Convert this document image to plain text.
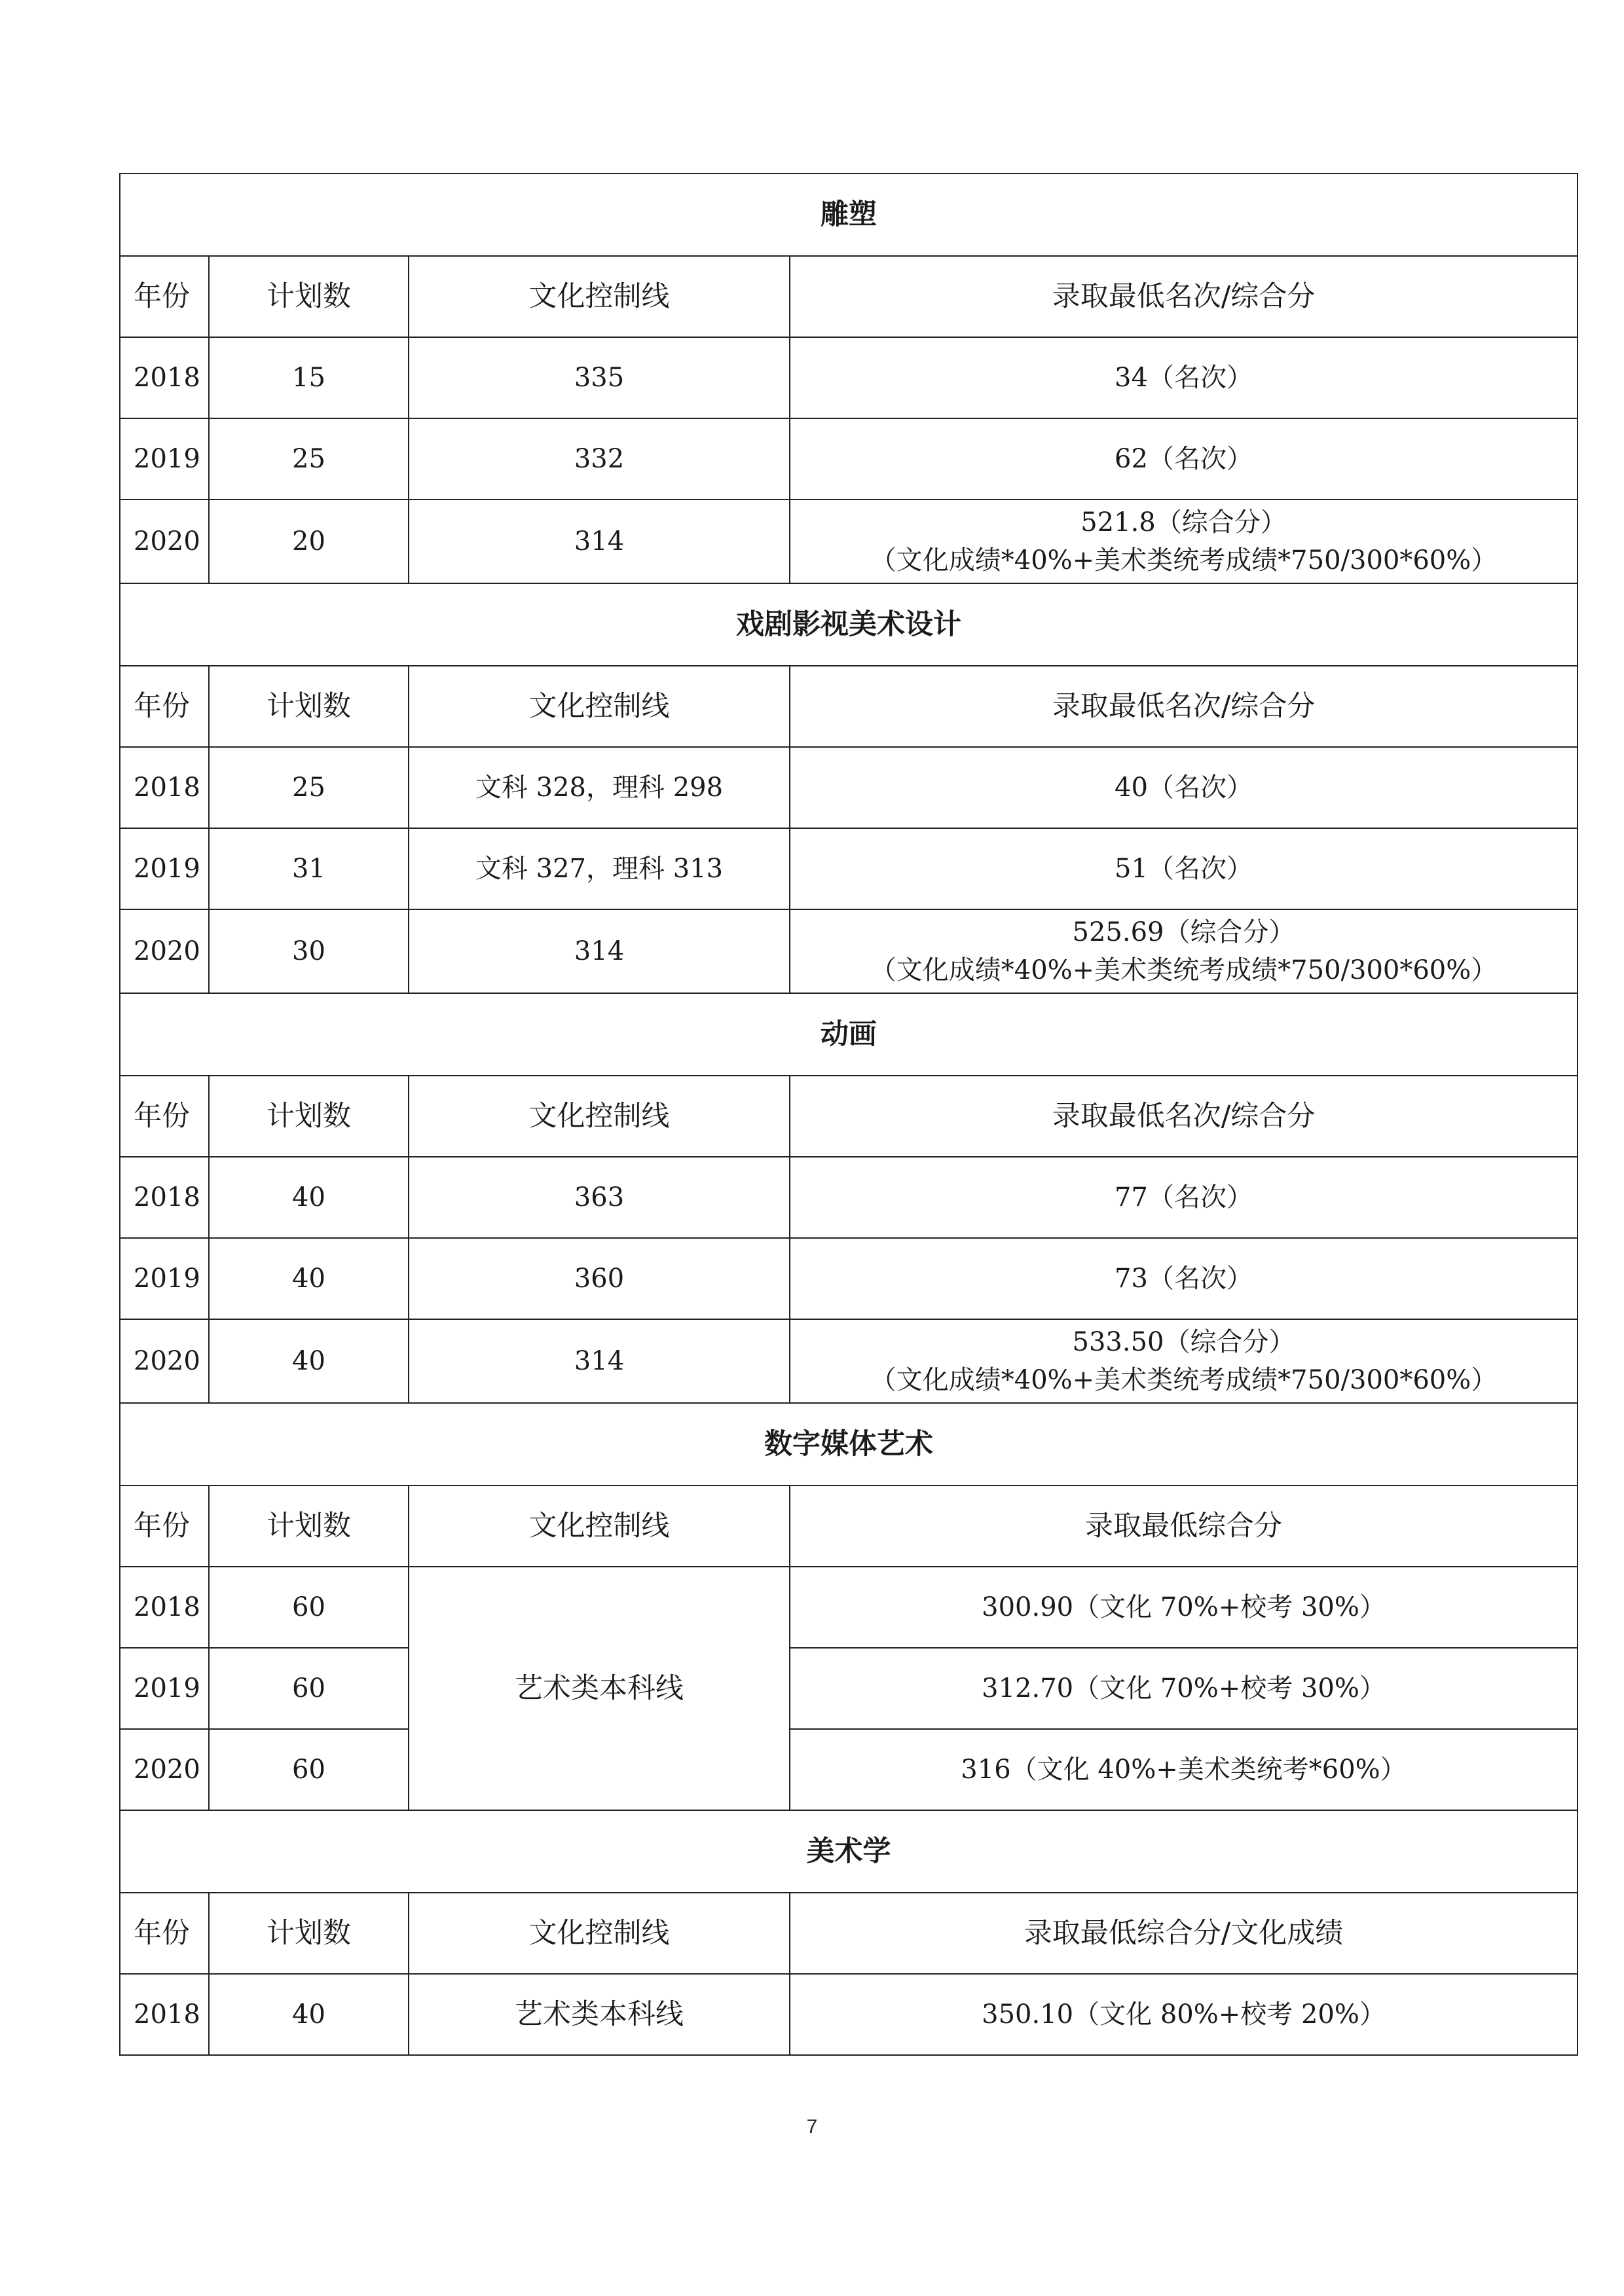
雕塑			
年份	计划数	文化控制线	录取最低名次/综合分
2018	15	335	34（名次）
2019	25	332	62（名次）
2020	20	314	521.8（综合分）
（文化成绩*40%+美术类统考成绩*750/300*60%）

戏剧影视美术设计			
年份	计划数	文化控制线	录取最低名次/综合分
2018	25	文科 328，理科 298	40（名次）
2019	31	文科 327，理科 313	51（名次）
2020	30	314	525.69（综合分）
（文化成绩*40%+美术类统考成绩*750/300*60%）

动画			
年份	计划数	文化控制线	录取最低名次/综合分
2018	40	363	77（名次）
2019	40	360	73（名次）
2020	40	314	533.50（综合分）
（文化成绩*40%+美术类统考成绩*750/300*60%）

数字媒体艺术			
年份	计划数	文化控制线	录取最低综合分
2018	60	艺术类本科线	300.90（文化 70%+校考 30%）
2019	60		312.70（文化 70%+校考 30%）
2020	60		316（文化 40%+美术类统考*60%）
美术学			
年份	计划数	文化控制线	录取最低综合分/文化成绩
2018	40	艺术类本科线	350.10（文化 80%+校考 20%）
7
